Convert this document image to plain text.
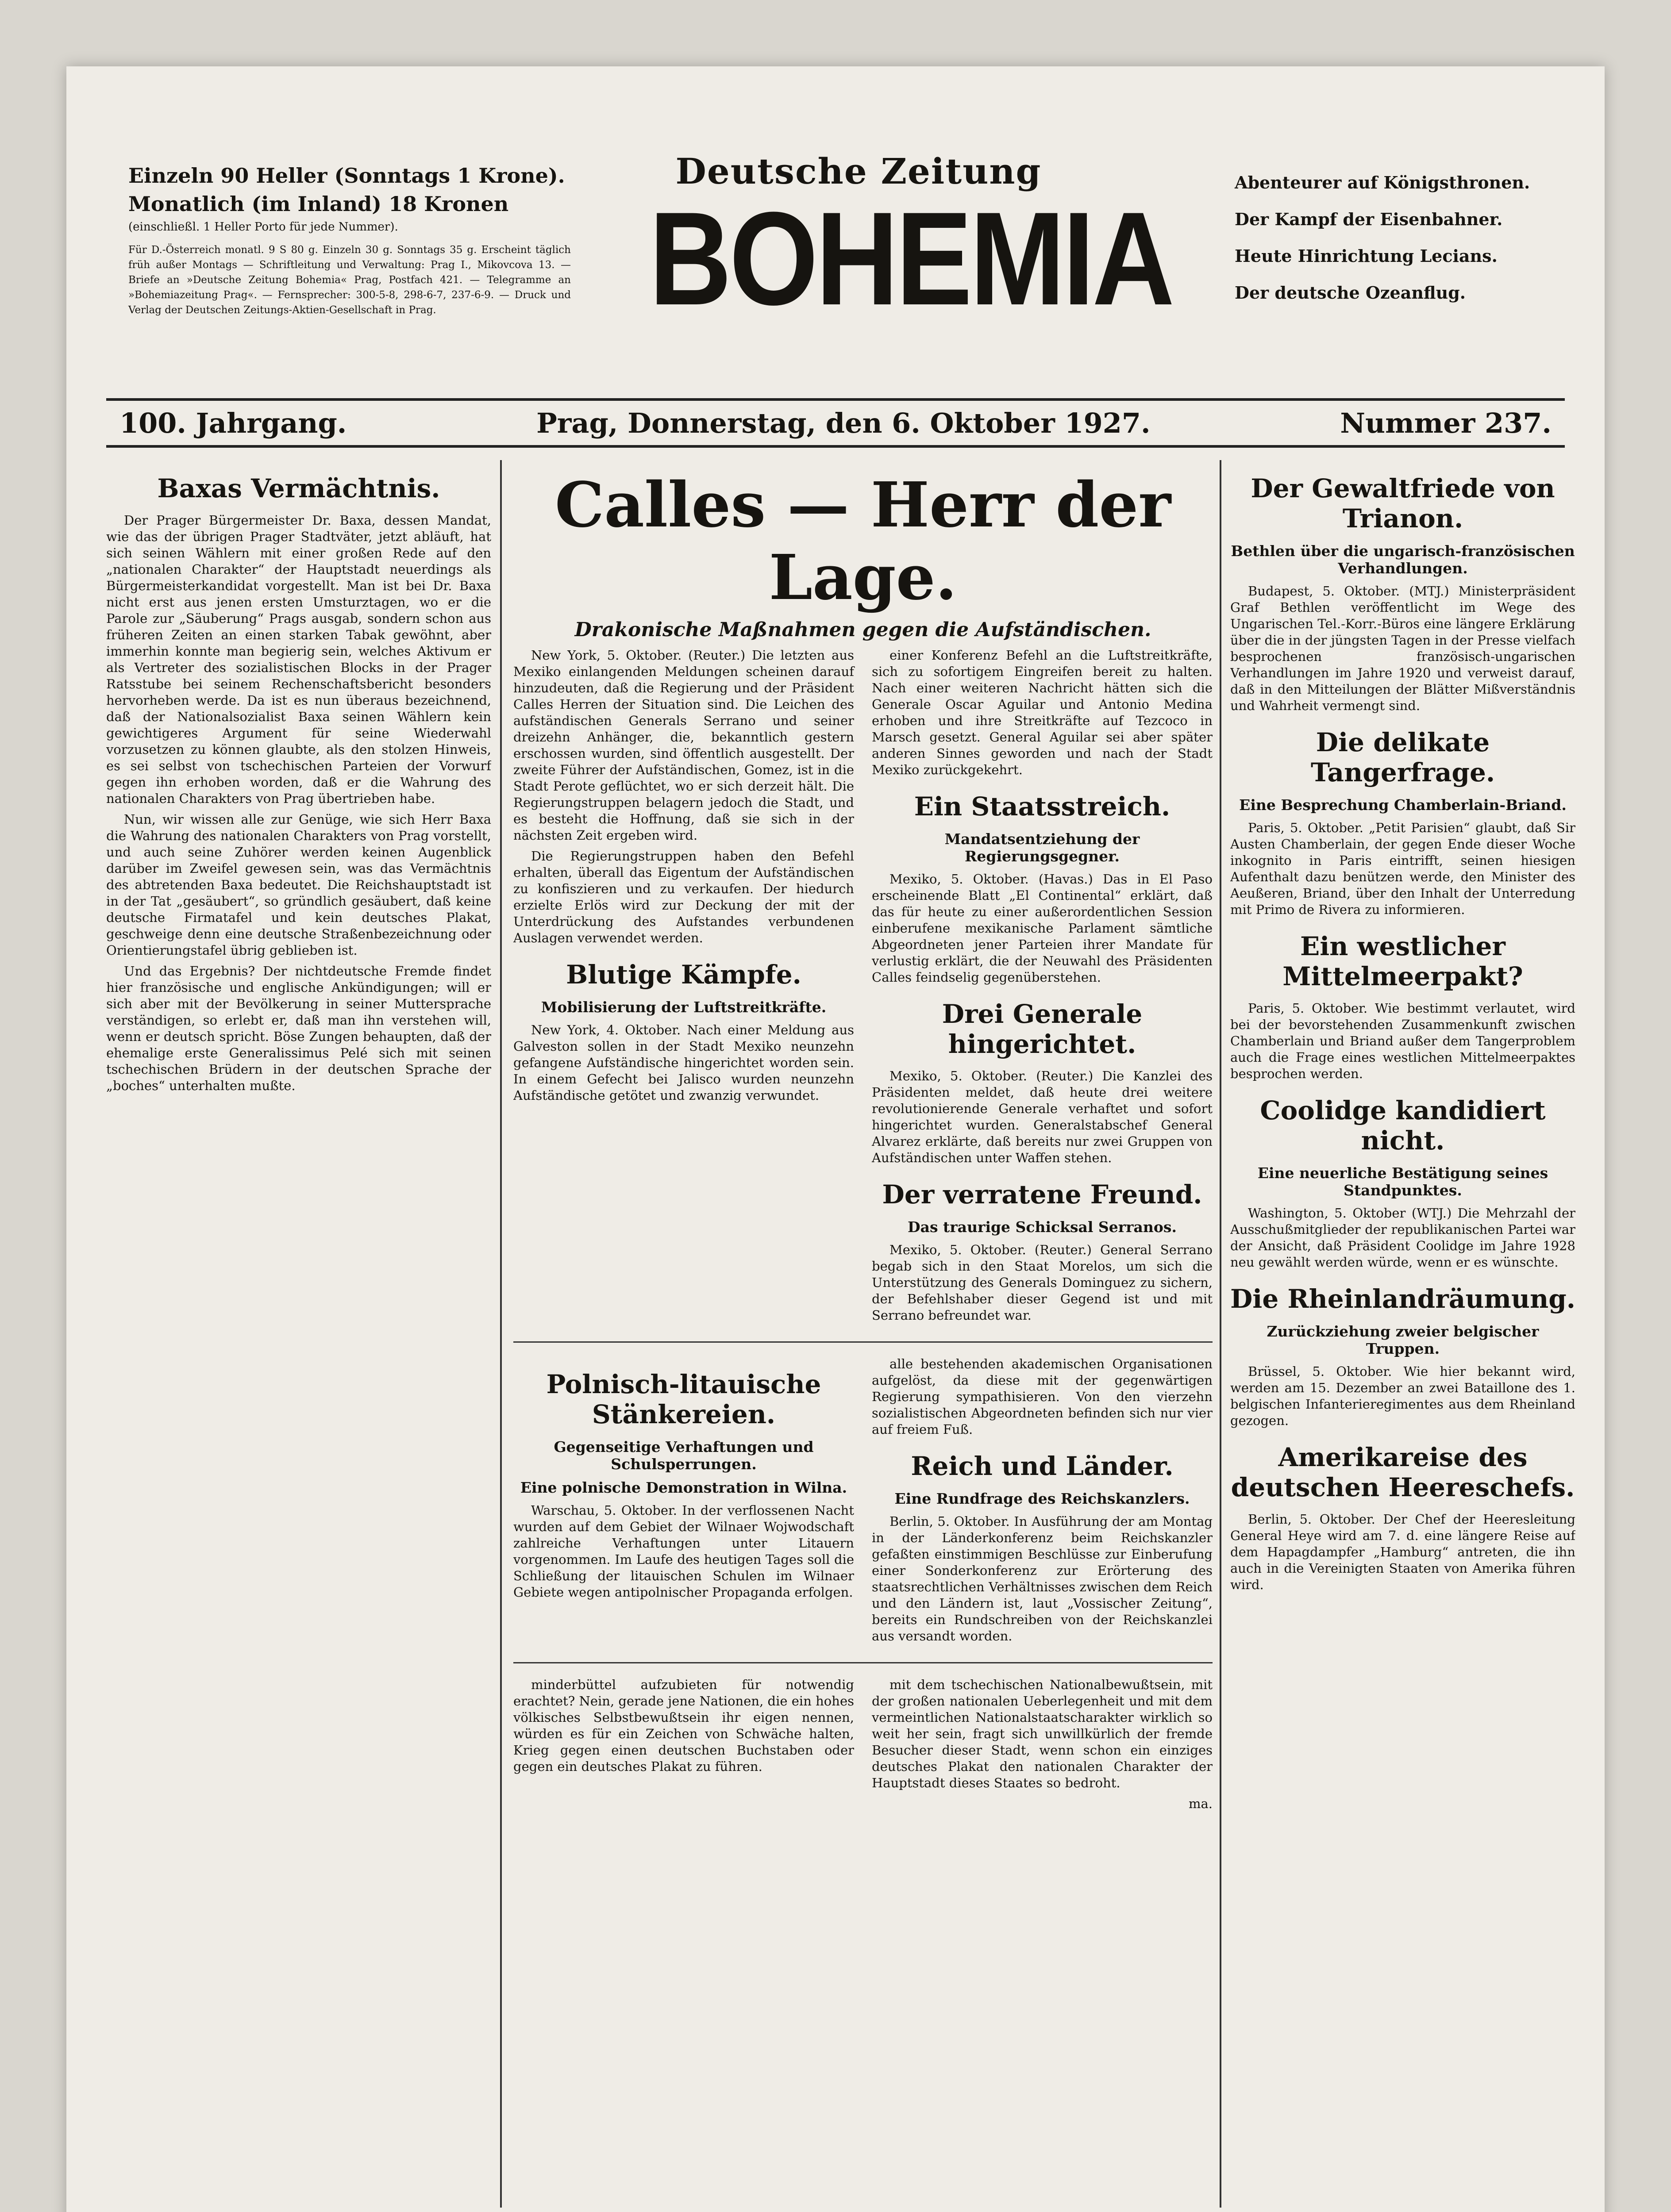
Einzeln 90 Heller (Sonntags 1 Krone).

Monatlich (im Inland) 18 Kronen

(einschließl. 1 Heller Porto für jede Nummer).

Für D.-Österreich monatl. 9 S 80 g. Einzeln 30 g. Sonntags 35 g. Erscheint täglich früh außer Montags — Schriftleitung und Verwaltung: Prag I., Mikovcova 13. — Briefe an »Deutsche Zeitung Bohemia« Prag, Postfach 421. — Telegramme an »Bohemiazeitung Prag«. — Fernsprecher: 300-5-8, 298-6-7, 237-6-9. — Druck und Verlag der Deutschen Zeitungs-Aktien-Gesellschaft in Prag.

Deutsche Zeitung

BOHEMIA

Abenteurer auf Königsthronen.
Der Kampf der Eisenbahner.
Heute Hinrichtung Lecians.
Der deutsche Ozeanflug.
100. Jahrgang.	Prag, Donnerstag, den 6. Oktober 1927.	Nummer 237.
Baxas Vermächtnis.

Der Prager Bürgermeister Dr. Baxa, dessen Mandat, wie das der übrigen Prager Stadtväter, jetzt abläuft, hat sich seinen Wählern mit einer großen Rede auf den „nationalen Charakter“ der Hauptstadt neuerdings als Bürgermeisterkandidat vorgestellt. Man ist bei Dr. Baxa nicht erst aus jenen ersten Umsturztagen, wo er die Parole zur „Säuberung“ Prags ausgab, sondern schon aus früheren Zeiten an einen starken Tabak gewöhnt, aber immerhin konnte man begierig sein, welches Aktivum er als Vertreter des sozialistischen Blocks in der Prager Ratsstube bei seinem Rechenschaftsbericht besonders hervorheben werde. Da ist es nun überaus bezeichnend, daß der Nationalsozialist Baxa seinen Wählern kein gewichtigeres Argument für seine Wiederwahl vorzusetzen zu können glaubte, als den stolzen Hinweis, es sei selbst von tschechischen Parteien der Vorwurf gegen ihn erhoben worden, daß er die Wahrung des nationalen Charakters von Prag übertrieben habe.

Nun, wir wissen alle zur Genüge, wie sich Herr Baxa die Wahrung des nationalen Charakters von Prag vorstellt, und auch seine Zuhörer werden keinen Augenblick darüber im Zweifel gewesen sein, was das Vermächtnis des abtretenden Baxa bedeutet. Die Reichshauptstadt ist in der Tat „gesäubert“, so gründlich gesäubert, daß keine deutsche Firmatafel und kein deutsches Plakat, geschweige denn eine deutsche Straßenbezeichnung oder Orientierungstafel übrig geblieben ist.

Und das Ergebnis? Der nichtdeutsche Fremde findet hier französische und englische Ankündigungen; will er sich aber mit der Bevölkerung in seiner Muttersprache verständigen, so erlebt er, daß man ihn verstehen will, wenn er deutsch spricht. Böse Zungen behaupten, daß der ehemalige erste Generalissimus Pelé sich mit seinen tschechischen Brüdern in der deutschen Sprache der „boches“ unterhalten mußte.

Calles — Herr der Lage.
Drakonische Maßnahmen gegen die Aufständischen.

New York, 5. Oktober. (Reuter.) Die letzten aus Mexiko einlangenden Meldungen scheinen darauf hinzudeuten, daß die Regierung und der Präsident Calles Herren der Situation sind. Die Leichen des aufständischen Generals Serrano und seiner dreizehn Anhänger, die, bekanntlich gestern erschossen wurden, sind öffentlich ausgestellt. Der zweite Führer der Aufständischen, Gomez, ist in die Stadt Perote geflüchtet, wo er sich derzeit hält. Die Regierungstruppen belagern jedoch die Stadt, und es besteht die Hoffnung, daß sie sich in der nächsten Zeit ergeben wird.

Die Regierungstruppen haben den Befehl erhalten, überall das Eigentum der Aufständischen zu konfiszieren und zu verkaufen. Der hiedurch erzielte Erlös wird zur Deckung der mit der Unterdrückung des Aufstandes verbundenen Auslagen verwendet werden.

Blutige Kämpfe.
Mobilisierung der Luftstreitkräfte.

New York, 4. Oktober. Nach einer Meldung aus Galveston sollen in der Stadt Mexiko neunzehn gefangene Aufständische hingerichtet worden sein. In einem Gefecht bei Jalisco wurden neunzehn Aufständische getötet und zwanzig verwundet.

einer Konferenz Befehl an die Luftstreitkräfte, sich zu sofortigem Eingreifen bereit zu halten. Nach einer weiteren Nachricht hätten sich die Generale Oscar Aguilar und Antonio Medina erhoben und ihre Streitkräfte auf Tezcoco in Marsch gesetzt. General Aguilar sei aber später anderen Sinnes geworden und nach der Stadt Mexiko zurückgekehrt.

Ein Staatsstreich.
Mandatsentziehung der Regierungsgegner.

Mexiko, 5. Oktober. (Havas.) Das in El Paso erscheinende Blatt „El Continental“ erklärt, daß das für heute zu einer außerordentlichen Session einberufene mexikanische Parlament sämtliche Abgeordneten jener Parteien ihrer Mandate für verlustig erklärt, die der Neuwahl des Präsidenten Calles feindselig gegenüberstehen.

Drei Generale hingerichtet.

Mexiko, 5. Oktober. (Reuter.) Die Kanzlei des Präsidenten meldet, daß heute drei weitere revolutionierende Generale verhaftet und sofort hingerichtet wurden. Generalstabschef General Alvarez erklärte, daß bereits nur zwei Gruppen von Aufständischen unter Waffen stehen.

Der verratene Freund.
Das traurige Schicksal Serranos.

Mexiko, 5. Oktober. (Reuter.) General Serrano begab sich in den Staat Morelos, um sich die Unterstützung des Generals Dominguez zu sichern, der Befehlshaber dieser Gegend ist und mit Serrano befreundet war.

Polnisch-litauische Stänkereien.
Gegenseitige Verhaftungen und Schulsperrungen.
Eine polnische Demonstration in Wilna.

Warschau, 5. Oktober. In der verflossenen Nacht wurden auf dem Gebiet der Wilnaer Wojwodschaft zahlreiche Verhaftungen unter Litauern vorgenommen. Im Laufe des heutigen Tages soll die Schließung der litauischen Schulen im Wilnaer Gebiete wegen antipolnischer Propaganda erfolgen.

alle bestehenden akademischen Organisationen aufgelöst, da diese mit der gegenwärtigen Regierung sympathisieren. Von den vierzehn sozialistischen Abgeordneten befinden sich nur vier auf freiem Fuß.

Reich und Länder.
Eine Rundfrage des Reichskanzlers.

Berlin, 5. Oktober. In Ausführung der am Montag in der Länderkonferenz beim Reichskanzler gefaßten einstimmigen Beschlüsse zur Einberufung einer Sonderkonferenz zur Erörterung des staatsrechtlichen Verhältnisses zwischen dem Reich und den Ländern ist, laut „Vossischer Zeitung“, bereits ein Rundschreiben von der Reichskanzlei aus versandt worden.

minderbüttel aufzubieten für notwendig erachtet? Nein, gerade jene Nationen, die ein hohes völkisches Selbstbewußtsein ihr eigen nennen, würden es für ein Zeichen von Schwäche halten, Krieg gegen einen deutschen Buchstaben oder gegen ein deutsches Plakat zu führen.

mit dem tschechischen Nationalbewußtsein, mit der großen nationalen Ueberlegenheit und mit dem vermeintlichen Nationalstaatscharakter wirklich so weit her sein, fragt sich unwillkürlich der fremde Besucher dieser Stadt, wenn schon ein einziges deutsches Plakat den nationalen Charakter der Hauptstadt dieses Staates so bedroht.

ma.

Der Gewaltfriede von Trianon.
Bethlen über die ungarisch-französischen Verhandlungen.

Budapest, 5. Oktober. (MTJ.) Ministerpräsident Graf Bethlen veröffentlicht im Wege des Ungarischen Tel.-Korr.-Büros eine längere Erklärung über die in der jüngsten Tagen in der Presse vielfach besprochenen französisch-ungarischen Verhandlungen im Jahre 1920 und verweist darauf, daß in den Mitteilungen der Blätter Mißverständnis und Wahrheit vermengt sind.

Die delikate Tangerfrage.
Eine Besprechung Chamberlain-Briand.

Paris, 5. Oktober. „Petit Parisien“ glaubt, daß Sir Austen Chamberlain, der gegen Ende dieser Woche inkognito in Paris eintrifft, seinen hiesigen Aufenthalt dazu benützen werde, den Minister des Aeußeren, Briand, über den Inhalt der Unterredung mit Primo de Rivera zu informieren.

Ein westlicher Mittelmeerpakt?

Paris, 5. Oktober. Wie bestimmt verlautet, wird bei der bevorstehenden Zusammenkunft zwischen Chamberlain und Briand außer dem Tangerproblem auch die Frage eines westlichen Mittelmeerpaktes besprochen werden.

Coolidge kandidiert nicht.
Eine neuerliche Bestätigung seines Standpunktes.

Washington, 5. Oktober (WTJ.) Die Mehrzahl der Ausschußmitglieder der republikanischen Partei war der Ansicht, daß Präsident Coolidge im Jahre 1928 neu gewählt werden würde, wenn er es wünschte.

Die Rheinlandräumung.
Zurückziehung zweier belgischer Truppen.

Brüssel, 5. Oktober. Wie hier bekannt wird, werden am 15. Dezember an zwei Bataillone des 1. belgischen Infanterieregimentes aus dem Rheinland gezogen.

Amerikareise des deutschen Heereschefs.

Berlin, 5. Oktober. Der Chef der Heeresleitung General Heye wird am 7. d. eine längere Reise auf dem Hapagdampfer „Hamburg“ antreten, die ihn auch in die Vereinigten Staaten von Amerika führen wird.
